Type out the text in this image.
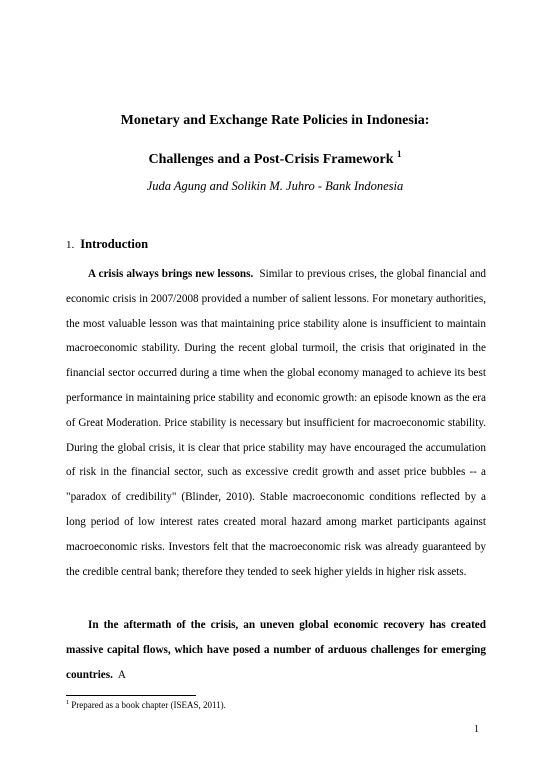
Monetary and Exchange Rate Policies in Indonesia:
Challenges and a Post-Crisis Framework $^1$
Juda Agung and Solikin M. Juhro - Bank Indonesia
1. Introduction

A crisis always brings new lessons. Similar to previous crises, the global financial and economic crisis in 2007/2008 provided a number of salient lessons. For monetary authorities, the most valuable lesson was that maintaining price stability alone is insufficient to maintain macroeconomic stability. During the recent global turmoil, the crisis that originated in the financial sector occurred during a time when the global economy managed to achieve its best performance in maintaining price stability and economic growth: an episode known as the era of Great Moderation. Price stability is necessary but insufficient for macroeconomic stability. During the global crisis, it is clear that price stability may have encouraged the accumulation of risk in the financial sector, such as excessive credit growth and asset price bubbles -- a "paradox of credibility" (Blinder, 2010). Stable macroeconomic conditions reflected by a long period of low interest rates created moral hazard among market participants against macroeconomic risks. Investors felt that the macroeconomic risk was already guaranteed by the credible central bank; therefore they tended to seek higher yields in higher risk assets.

In the aftermath of the crisis, an uneven global economic recovery has created massive capital flows, which have posed a number of arduous challenges for emerging countries. A

$^1$ Prepared as a book chapter (ISEAS, 2011).
1
